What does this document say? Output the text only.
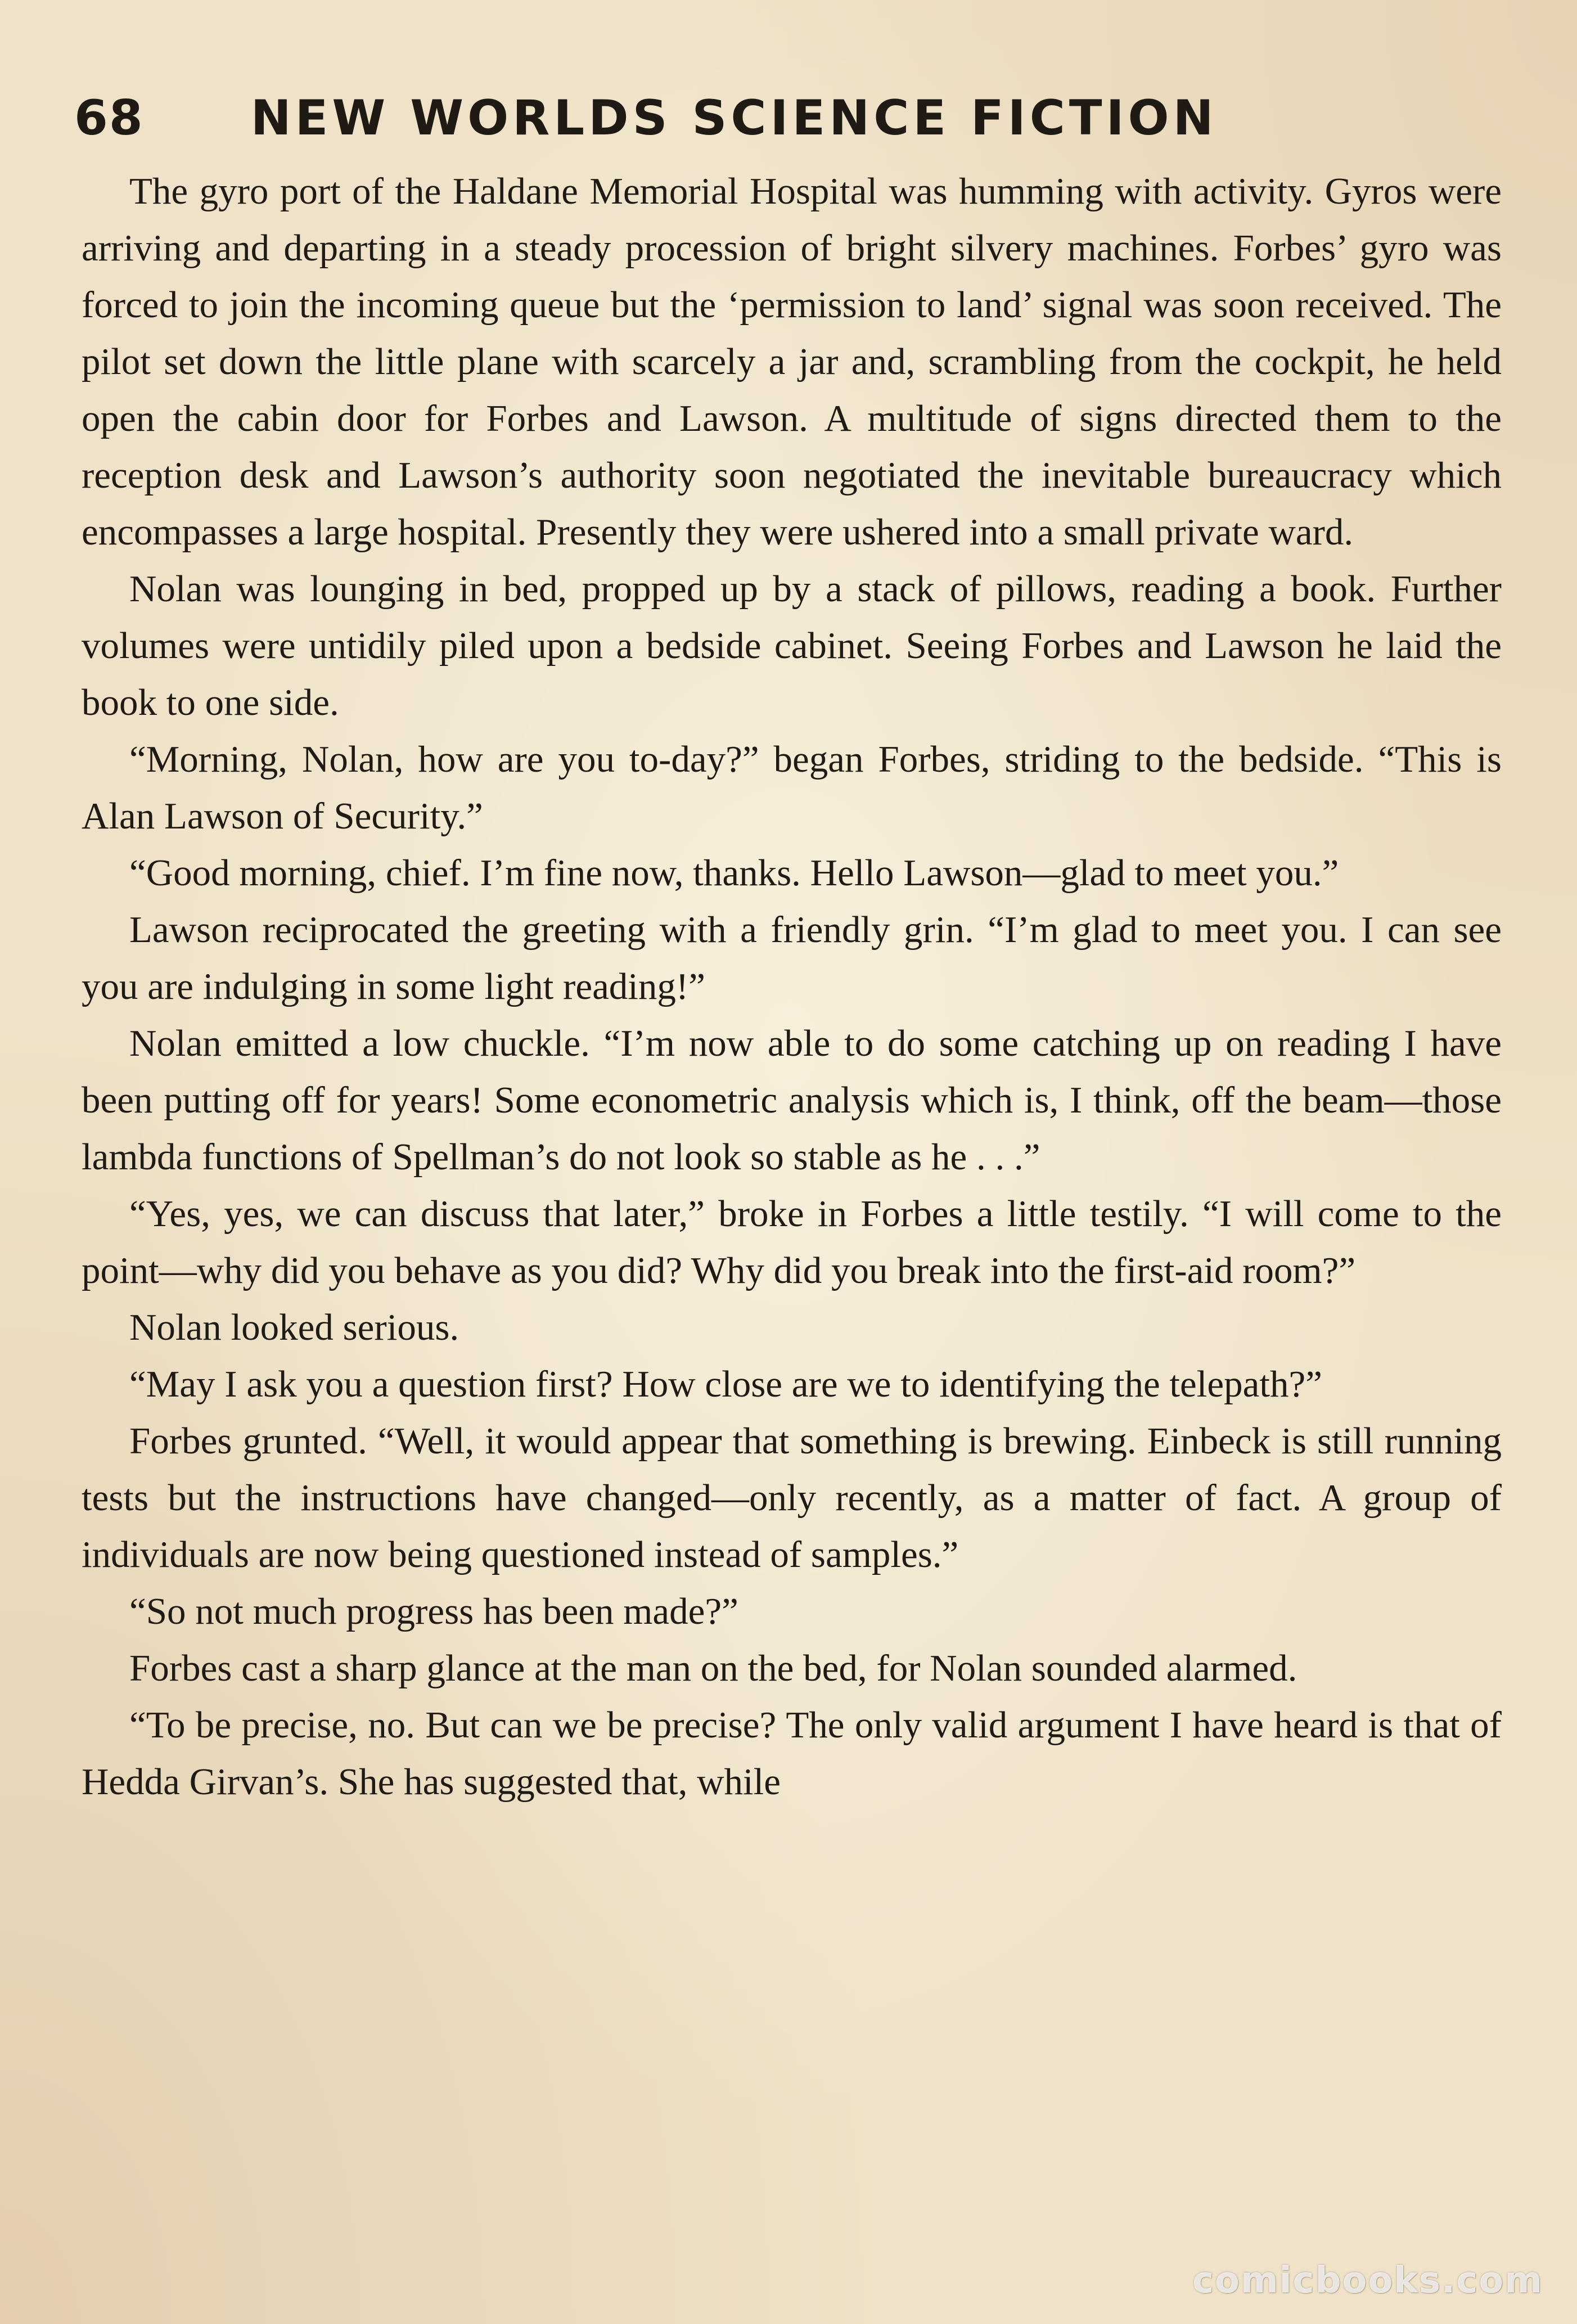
68 NEW WORLDS SCIENCE FICTION

The gyro port of the Haldane Memorial Hospital was humming with activity. Gyros were arriving and departing in a steady procession of bright silvery machines. Forbes’ gyro was forced to join the incoming queue but the ‘permission to land’ signal was soon received. The pilot set down the little plane with scarcely a jar and, scrambling from the cockpit, he held open the cabin door for Forbes and Lawson. A multitude of signs directed them to the reception desk and Lawson’s authority soon negotiated the inevitable bureaucracy which encompasses a large hospital. Presently they were ushered into a small private ward.

Nolan was lounging in bed, propped up by a stack of pillows, reading a book. Further volumes were untidily piled upon a bedside cabinet. Seeing Forbes and Lawson he laid the book to one side.

“Morning, Nolan, how are you to-day?” began Forbes, striding to the bedside. “This is Alan Lawson of Security.”

“Good morning, chief. I’m fine now, thanks. Hello Lawson—glad to meet you.”

Lawson reciprocated the greeting with a friendly grin. “I’m glad to meet you. I can see you are indulging in some light reading!”

Nolan emitted a low chuckle. “I’m now able to do some catching up on reading I have been putting off for years! Some econometric analysis which is, I think, off the beam—those lambda functions of Spellman’s do not look so stable as he . . .”

“Yes, yes, we can discuss that later,” broke in Forbes a little testily. “I will come to the point—why did you behave as you did? Why did you break into the first-aid room?”

Nolan looked serious.

“May I ask you a question first? How close are we to identifying the telepath?”

Forbes grunted. “Well, it would appear that something is brewing. Einbeck is still running tests but the instructions have changed—only recently, as a matter of fact. A group of individuals are now being questioned instead of samples.”

“So not much progress has been made?”

Forbes cast a sharp glance at the man on the bed, for Nolan sounded alarmed.

“To be precise, no. But can we be precise? The only valid argument I have heard is that of Hedda Girvan’s. She has suggested that, while

comicbooks.com
